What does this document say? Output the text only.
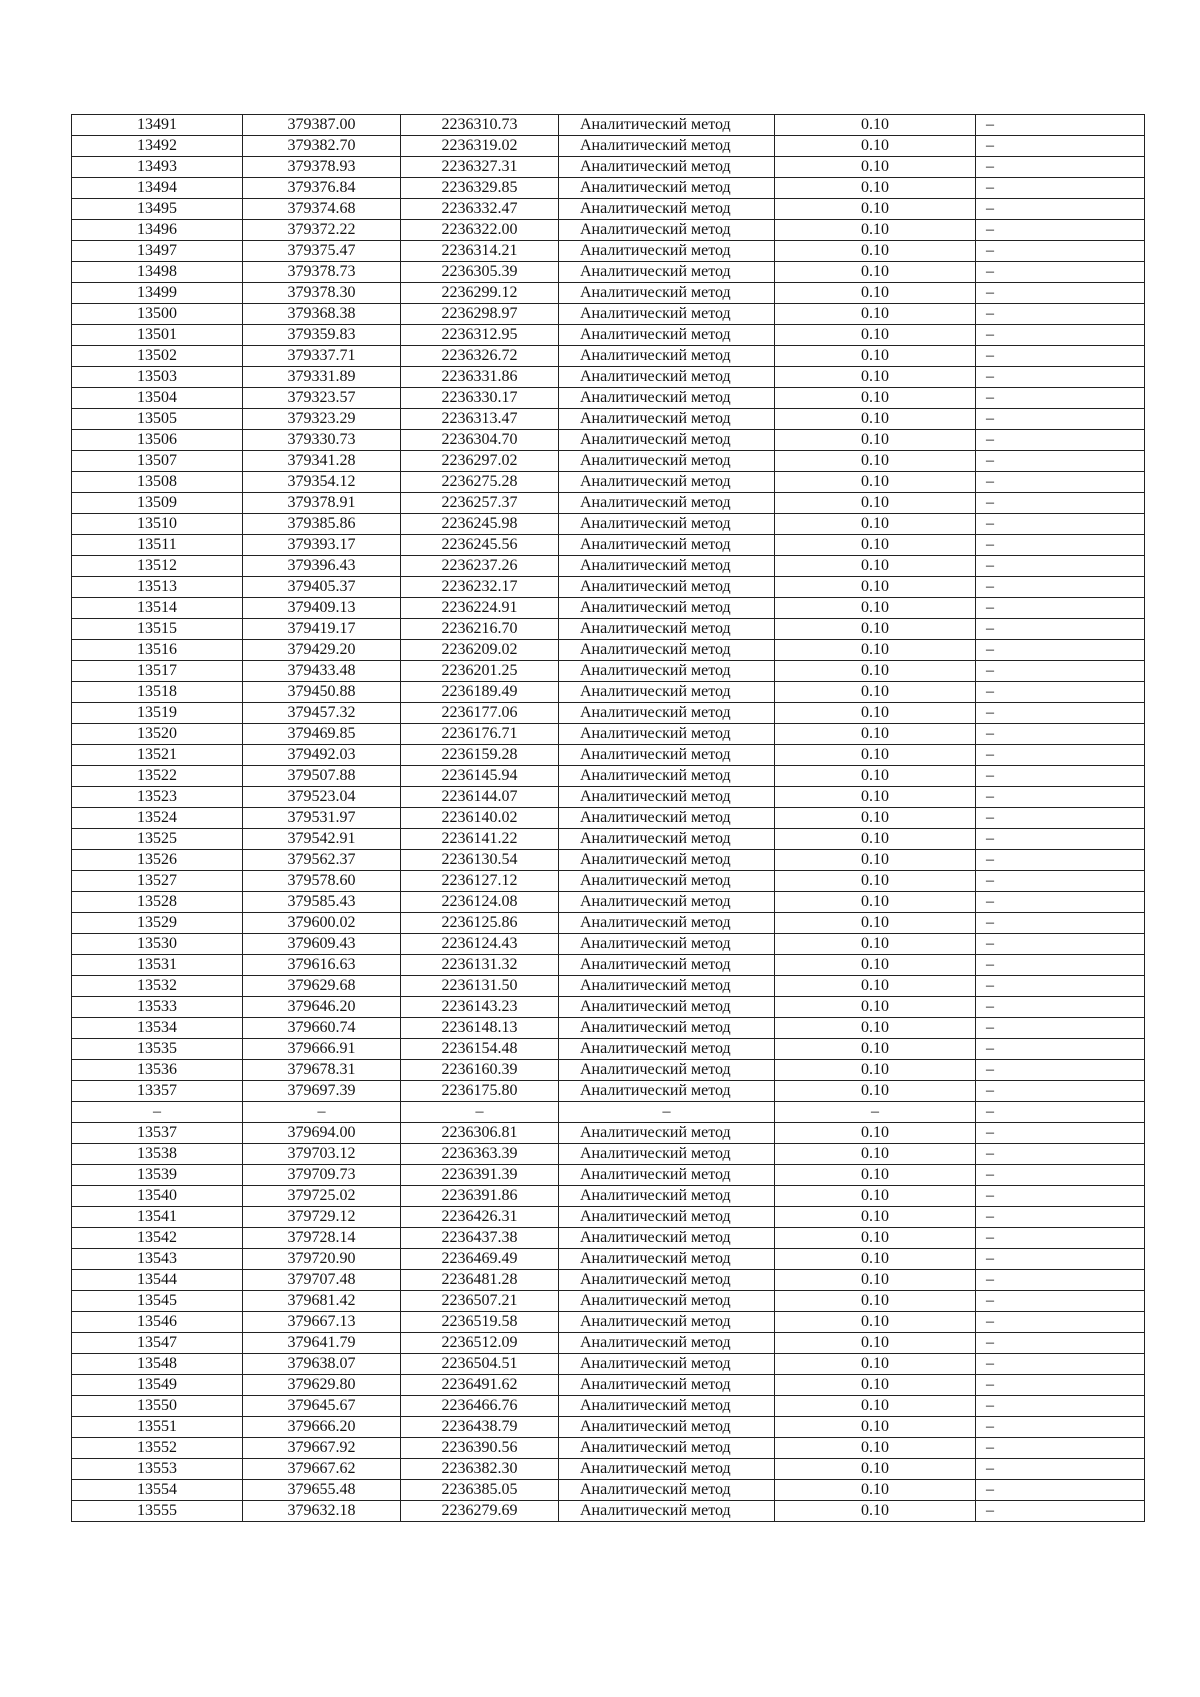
13491	379387.00	2236310.73	Аналитический метод	0.10	–
13492	379382.70	2236319.02	Аналитический метод	0.10	–
13493	379378.93	2236327.31	Аналитический метод	0.10	–
13494	379376.84	2236329.85	Аналитический метод	0.10	–
13495	379374.68	2236332.47	Аналитический метод	0.10	–
13496	379372.22	2236322.00	Аналитический метод	0.10	–
13497	379375.47	2236314.21	Аналитический метод	0.10	–
13498	379378.73	2236305.39	Аналитический метод	0.10	–
13499	379378.30	2236299.12	Аналитический метод	0.10	–
13500	379368.38	2236298.97	Аналитический метод	0.10	–
13501	379359.83	2236312.95	Аналитический метод	0.10	–
13502	379337.71	2236326.72	Аналитический метод	0.10	–
13503	379331.89	2236331.86	Аналитический метод	0.10	–
13504	379323.57	2236330.17	Аналитический метод	0.10	–
13505	379323.29	2236313.47	Аналитический метод	0.10	–
13506	379330.73	2236304.70	Аналитический метод	0.10	–
13507	379341.28	2236297.02	Аналитический метод	0.10	–
13508	379354.12	2236275.28	Аналитический метод	0.10	–
13509	379378.91	2236257.37	Аналитический метод	0.10	–
13510	379385.86	2236245.98	Аналитический метод	0.10	–
13511	379393.17	2236245.56	Аналитический метод	0.10	–
13512	379396.43	2236237.26	Аналитический метод	0.10	–
13513	379405.37	2236232.17	Аналитический метод	0.10	–
13514	379409.13	2236224.91	Аналитический метод	0.10	–
13515	379419.17	2236216.70	Аналитический метод	0.10	–
13516	379429.20	2236209.02	Аналитический метод	0.10	–
13517	379433.48	2236201.25	Аналитический метод	0.10	–
13518	379450.88	2236189.49	Аналитический метод	0.10	–
13519	379457.32	2236177.06	Аналитический метод	0.10	–
13520	379469.85	2236176.71	Аналитический метод	0.10	–
13521	379492.03	2236159.28	Аналитический метод	0.10	–
13522	379507.88	2236145.94	Аналитический метод	0.10	–
13523	379523.04	2236144.07	Аналитический метод	0.10	–
13524	379531.97	2236140.02	Аналитический метод	0.10	–
13525	379542.91	2236141.22	Аналитический метод	0.10	–
13526	379562.37	2236130.54	Аналитический метод	0.10	–
13527	379578.60	2236127.12	Аналитический метод	0.10	–
13528	379585.43	2236124.08	Аналитический метод	0.10	–
13529	379600.02	2236125.86	Аналитический метод	0.10	–
13530	379609.43	2236124.43	Аналитический метод	0.10	–
13531	379616.63	2236131.32	Аналитический метод	0.10	–
13532	379629.68	2236131.50	Аналитический метод	0.10	–
13533	379646.20	2236143.23	Аналитический метод	0.10	–
13534	379660.74	2236148.13	Аналитический метод	0.10	–
13535	379666.91	2236154.48	Аналитический метод	0.10	–
13536	379678.31	2236160.39	Аналитический метод	0.10	–
13357	379697.39	2236175.80	Аналитический метод	0.10	–
–	–	–	–	–	–
13537	379694.00	2236306.81	Аналитический метод	0.10	–
13538	379703.12	2236363.39	Аналитический метод	0.10	–
13539	379709.73	2236391.39	Аналитический метод	0.10	–
13540	379725.02	2236391.86	Аналитический метод	0.10	–
13541	379729.12	2236426.31	Аналитический метод	0.10	–
13542	379728.14	2236437.38	Аналитический метод	0.10	–
13543	379720.90	2236469.49	Аналитический метод	0.10	–
13544	379707.48	2236481.28	Аналитический метод	0.10	–
13545	379681.42	2236507.21	Аналитический метод	0.10	–
13546	379667.13	2236519.58	Аналитический метод	0.10	–
13547	379641.79	2236512.09	Аналитический метод	0.10	–
13548	379638.07	2236504.51	Аналитический метод	0.10	–
13549	379629.80	2236491.62	Аналитический метод	0.10	–
13550	379645.67	2236466.76	Аналитический метод	0.10	–
13551	379666.20	2236438.79	Аналитический метод	0.10	–
13552	379667.92	2236390.56	Аналитический метод	0.10	–
13553	379667.62	2236382.30	Аналитический метод	0.10	–
13554	379655.48	2236385.05	Аналитический метод	0.10	–
13555	379632.18	2236279.69	Аналитический метод	0.10	–
